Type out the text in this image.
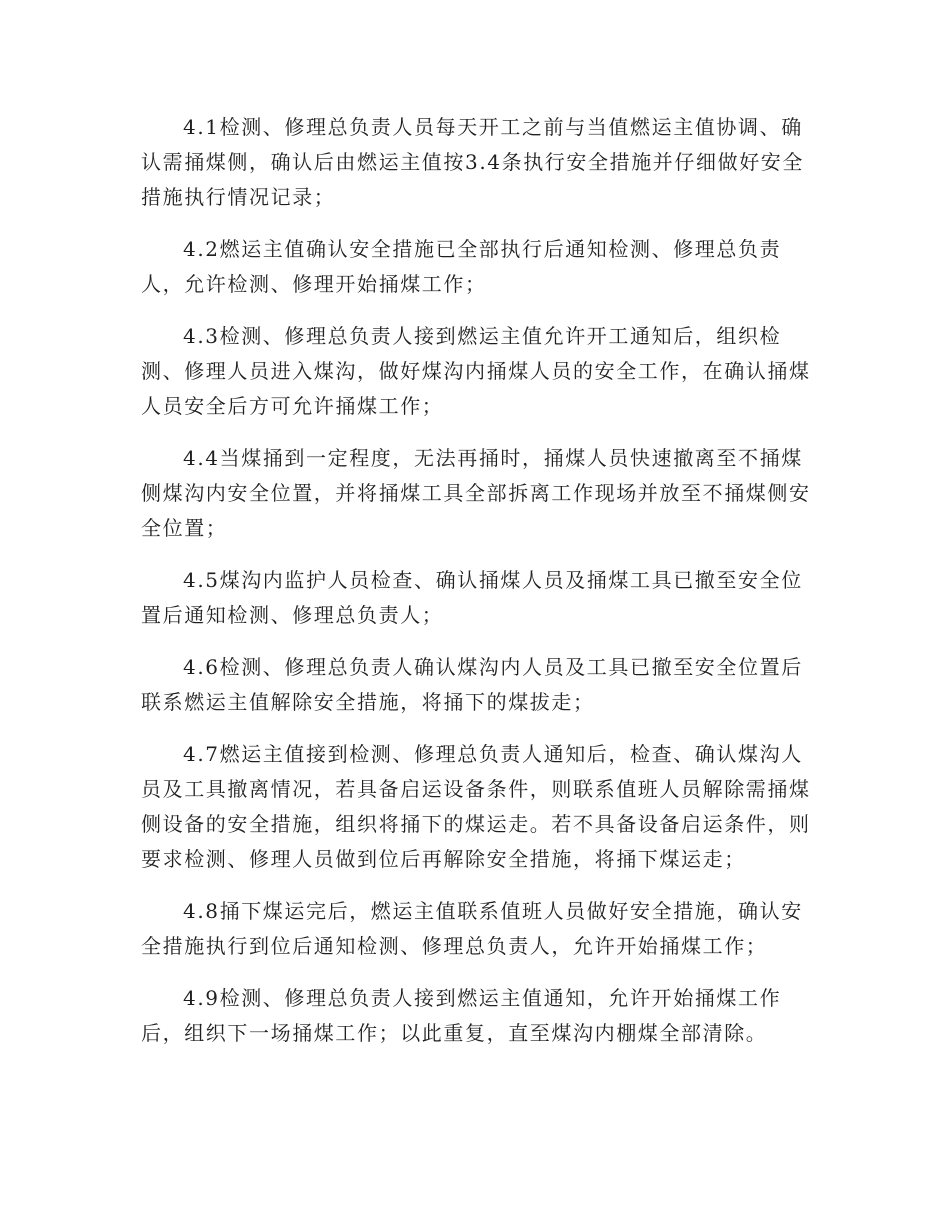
4.1检测、修理总负责人员每天开工之前与当值燃运主值协调、确认需捅煤侧，确认后由燃运主值按3.4条执行安全措施并仔细做好安全措施执行情况记录；

4.2燃运主值确认安全措施已全部执行后通知检测、修理总负责人，允许检测、修理开始捅煤工作；

4.3检测、修理总负责人接到燃运主值允许开工通知后，组织检测、修理人员进入煤沟，做好煤沟内捅煤人员的安全工作，在确认捅煤人员安全后方可允许捅煤工作；

4.4当煤捅到一定程度，无法再捅时，捅煤人员快速撤离至不捅煤侧煤沟内安全位置，并将捅煤工具全部拆离工作现场并放至不捅煤侧安全位置；

4.5煤沟内监护人员检查、确认捅煤人员及捅煤工具已撤至安全位置后通知检测、修理总负责人；

4.6检测、修理总负责人确认煤沟内人员及工具已撤至安全位置后联系燃运主值解除安全措施，将捅下的煤拔走；

4.7燃运主值接到检测、修理总负责人通知后，检查、确认煤沟人员及工具撤离情况，若具备启运设备条件，则联系值班人员解除需捅煤侧设备的安全措施，组织将捅下的煤运走。若不具备设备启运条件，则要求检测、修理人员做到位后再解除安全措施，将捅下煤运走；

4.8捅下煤运完后，燃运主值联系值班人员做好安全措施，确认安全措施执行到位后通知检测、修理总负责人，允许开始捅煤工作；

4.9检测、修理总负责人接到燃运主值通知，允许开始捅煤工作后，组织下一场捅煤工作；以此重复，直至煤沟内棚煤全部清除。
